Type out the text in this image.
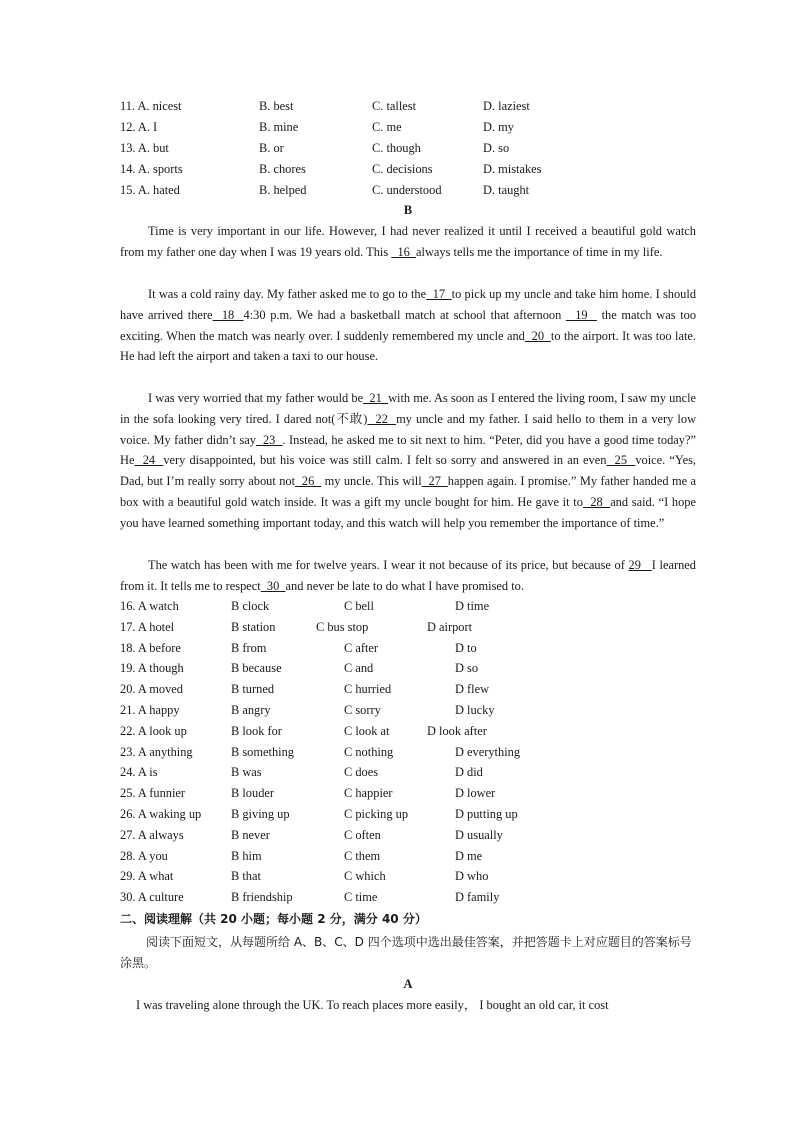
11. A. nicest	B. best	C. tallest	D. laziest
12. A. I	B. mine	C. me	D. my
13. A. but	B. or	C. though	D. so
14. A. sports	B. chores	C. decisions	D. mistakes
15. A. hated	B. helped	C. understood	D. taught
B

Time is very important in our life. However, I had never realized it until I received a beautiful gold watch from my father one day when I was 19 years old. This   16  always tells me the importance of time in my life.

It was a cold rainy day. My father asked me to go to the  17  to pick up my uncle and take him home. I should have arrived there  18  4:30 p.m. We had a basketball match at school that afternoon   19   the match was too exciting. When the match was nearly over. I suddenly remembered my uncle and  20  to the airport. It was too late. He had left the airport and taken a taxi to our house.

I was very worried that my father would be  21  with me. As soon as I entered the living room, I saw my uncle in the sofa looking very tired. I dared not(不敢)  22  my uncle and my father. I said hello to them in a very low voice. My father didn’t say  23  . Instead, he asked me to sit next to him. “Peter, did you have a good time today?” He  24  very disappointed, but his voice was still calm. I felt so sorry and answered in an even  25  voice. “Yes, Dad, but I’m really sorry about not  26   my uncle. This will  27  happen again. I promise.” My father handed me a box with a beautiful gold watch inside. It was a gift my uncle bought for him. He gave it to  28  and said. “I hope you have learned something important today, and this watch will help you remember the importance of time.”

The watch has been with me for twelve years. I wear it not because of its price, but because of 29   I learned from it. It tells me to respect  30  and never be late to do what I have promised to.

16. A watch	B clock	C bell	D time
17. A hotel	B station	C bus stop	D airport
18. A before	B from	C after	D to
19. A though	B because	C and	D so
20. A moved	B turned	C hurried	D flew
21. A happy	B angry	C sorry	D lucky
22. A look up	B look for	C look at	D look after
23. A anything	B something	C nothing	D everything
24. A is	B was	C does	D did
25. A funnier	B louder	C happier	D lower
26. A waking up B giving up	C picking up	D putting up
27. A always	B never	C often	D usually
28. A you	B him	C them	D me
29. A what	B that	C which	D who
30. A culture	B friendship	C time	D family
二、阅读理解（共 20 小题；每小题 2 分，满分 40 分）

阅读下面短文，从每题所给 A、B、C、D 四个选项中选出最佳答案，并把答题卡上对应题目的答案标号涂黑。

A
I was traveling alone through the UK. To reach places more easily， I bought an old car, it cost
